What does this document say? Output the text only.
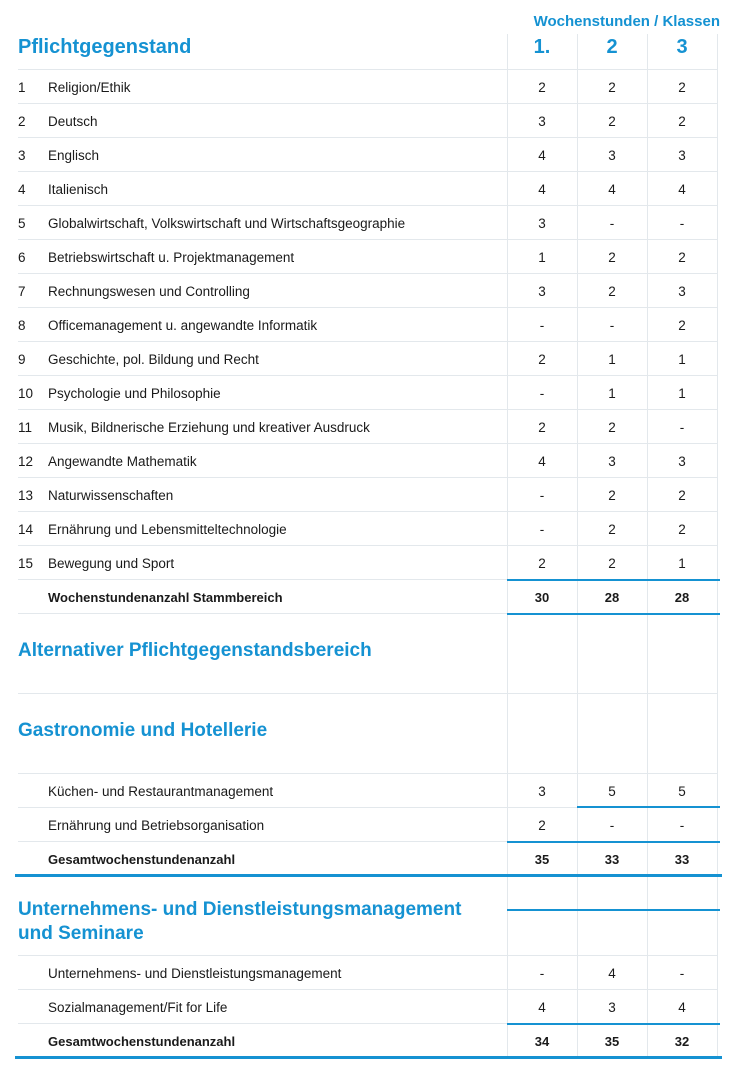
Wochenstunden / Klassen
Pflichtgegenstand	1.	2	3
1 Religion/Ethik	2	2	2
2 Deutsch	3	2	2
3 Englisch	4	3	3
4 Italienisch	4	4	4
5 Globalwirtschaft, Volkswirtschaft und Wirtschaftsgeographie	3	-	-
6 Betriebswirtschaft u. Projektmanagement	1	2	2
7 Rechnungswesen und Controlling	3	2	3
8 Officemanagement u. angewandte Informatik	-	-	2
9 Geschichte, pol. Bildung und Recht	2	1	1
10 Psychologie und Philosophie	-	1	1
11 Musik, Bildnerische Erziehung und kreativer Ausdruck	2	2	-
12 Angewandte Mathematik	4	3	3
13 Naturwissenschaften	-	2	2
14 Ernährung und Lebensmitteltechnologie	-	2	2
15 Bewegung und Sport	2	2	1
Wochenstundenanzahl Stammbereich	30	28	28
Alternativer Pflichtgegenstandsbereich
Gastronomie und Hotellerie
Küchen- und Restaurantmanagement	3	5	5
Ernährung und Betriebsorganisation	2	-	-
Gesamtwochenstundenanzahl	35	33	33
Unternehmens- und Dienstleistungsmanagement
und Seminare
Unternehmens- und Dienstleistungsmanagement	-	4	-
Sozialmanagement/Fit for Life	4	3	4
Gesamtwochenstundenanzahl	34	35	32
